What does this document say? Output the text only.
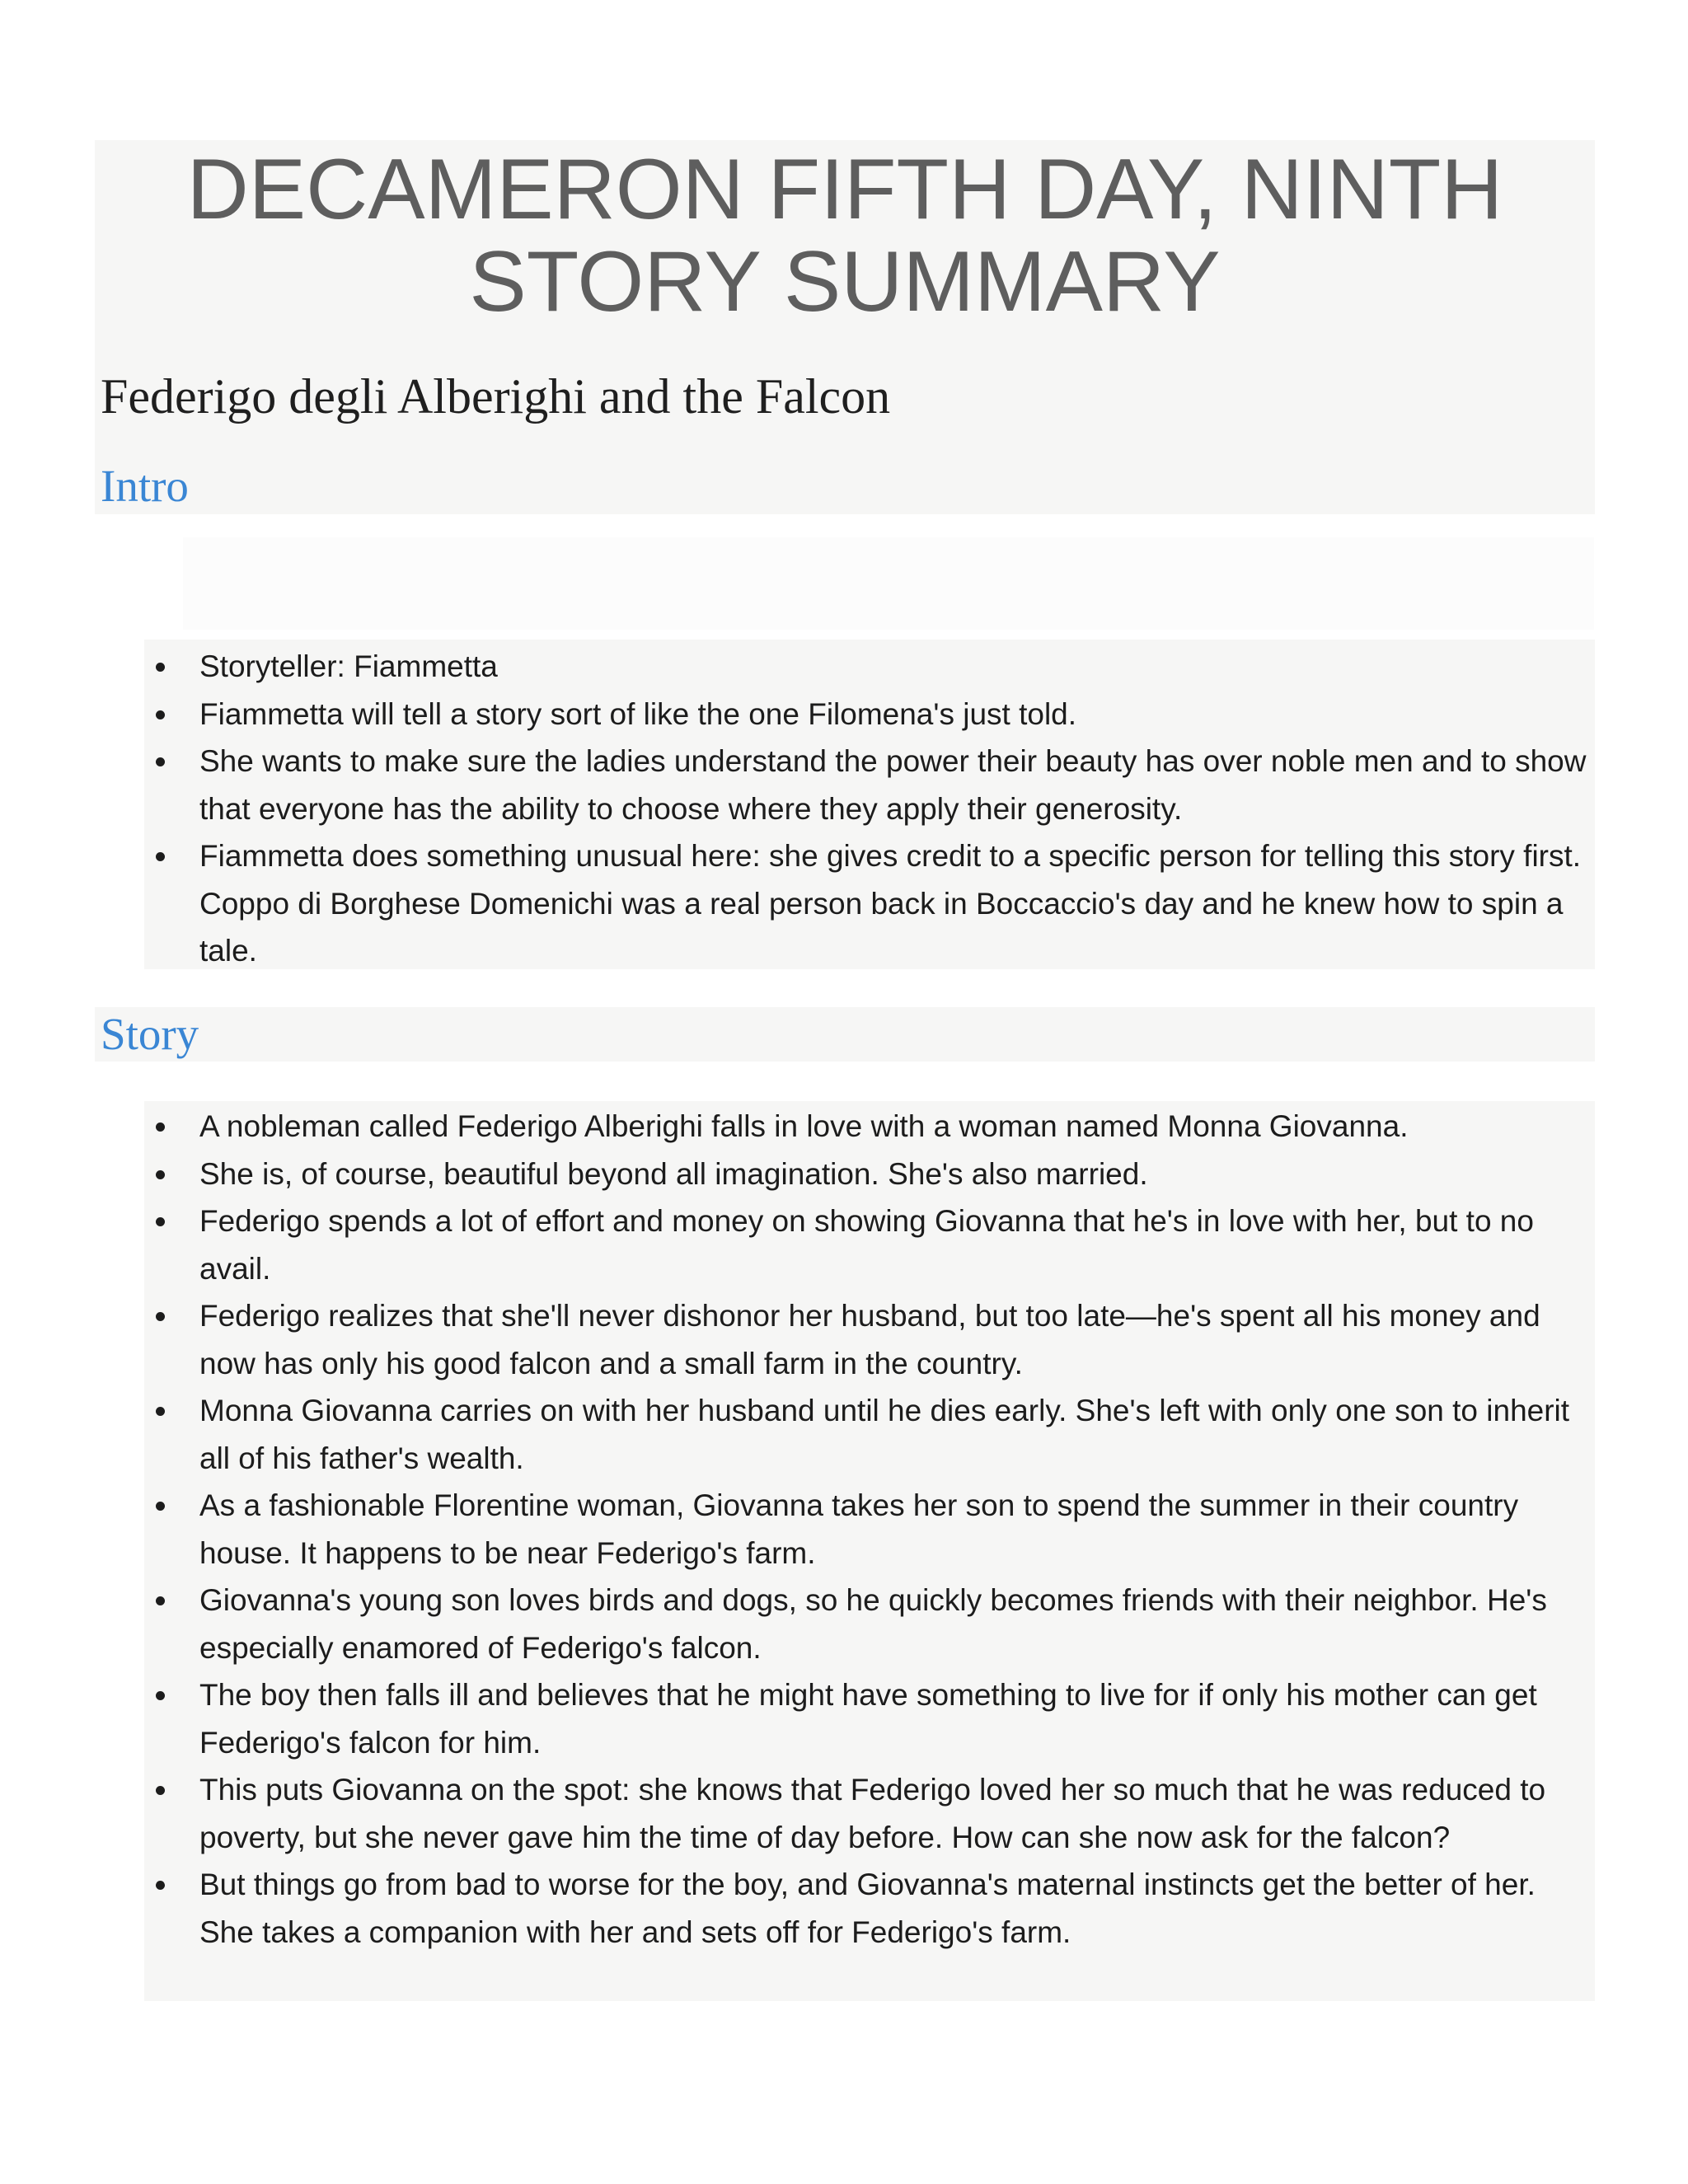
DECAMERON FIFTH DAY, NINTH STORY SUMMARY
Federigo degli Alberighi and the Falcon
Intro
Storyteller: Fiammetta
Fiammetta will tell a story sort of like the one Filomena's just told.
She wants to make sure the ladies understand the power their beauty has over noble men and to show that everyone has the ability to choose where they apply their generosity.
Fiammetta does something unusual here: she gives credit to a specific person for telling this story first. Coppo di Borghese Domenichi was a real person back in Boccaccio's day and he knew how to spin a tale.
Story
A nobleman called Federigo Alberighi falls in love with a woman named Monna Giovanna.
She is, of course, beautiful beyond all imagination. She's also married.
Federigo spends a lot of effort and money on showing Giovanna that he's in love with her, but to no avail.
Federigo realizes that she'll never dishonor her husband, but too late—he's spent all his money and now has only his good falcon and a small farm in the country.
Monna Giovanna carries on with her husband until he dies early. She's left with only one son to inherit all of his father's wealth.
As a fashionable Florentine woman, Giovanna takes her son to spend the summer in their country house. It happens to be near Federigo's farm.
Giovanna's young son loves birds and dogs, so he quickly becomes friends with their neighbor. He's especially enamored of Federigo's falcon.
The boy then falls ill and believes that he might have something to live for if only his mother can get Federigo's falcon for him.
This puts Giovanna on the spot: she knows that Federigo loved her so much that he was reduced to poverty, but she never gave him the time of day before. How can she now ask for the falcon?
But things go from bad to worse for the boy, and Giovanna's maternal instincts get the better of her. She takes a companion with her and sets off for Federigo's farm.
